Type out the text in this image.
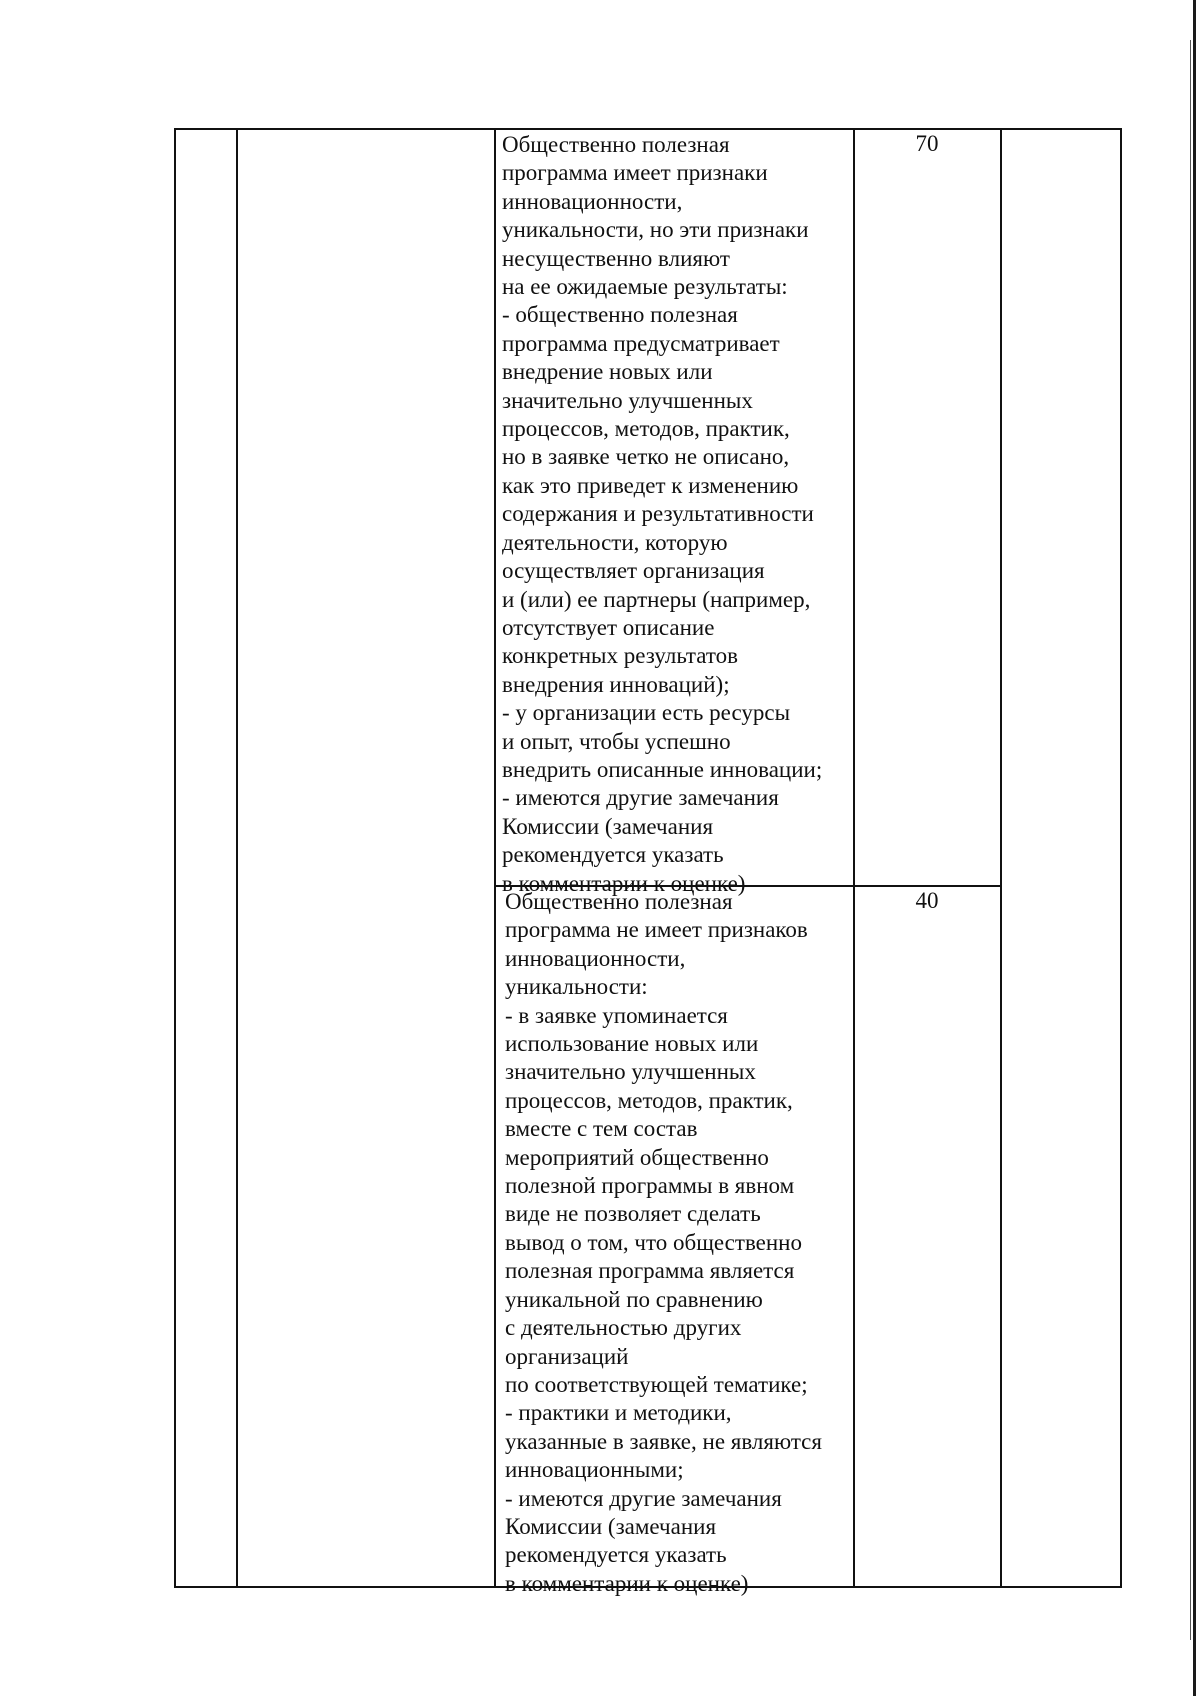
Общественно полезная
программа имеет признаки
инновационности,
уникальности, но эти признаки
несущественно влияют
на ее ожидаемые результаты:
- общественно полезная
программа предусматривает
внедрение новых или
значительно улучшенных
процессов, методов, практик,
но в заявке четко не описано,
как это приведет к изменению
содержания и результативности
деятельности, которую
осуществляет организация
и (или) ее партнеры (например,
отсутствует описание
конкретных результатов
внедрения инноваций);
- у организации есть ресурсы
и опыт, чтобы успешно
внедрить описанные инновации;
- имеются другие замечания
Комиссии (замечания
рекомендуется указать
в комментарии к оценке)
70
Общественно полезная
программа не имеет признаков
инновационности,
уникальности:
- в заявке упоминается
использование новых или
значительно улучшенных
процессов, методов, практик,
вместе с тем состав
мероприятий общественно
полезной программы в явном
виде не позволяет сделать
вывод о том, что общественно
полезная программа является
уникальной по сравнению
с деятельностью других
организаций
по соответствующей тематике;
- практики и методики,
указанные в заявке, не являются
инновационными;
- имеются другие замечания
Комиссии (замечания
рекомендуется указать
в комментарии к оценке)
40
